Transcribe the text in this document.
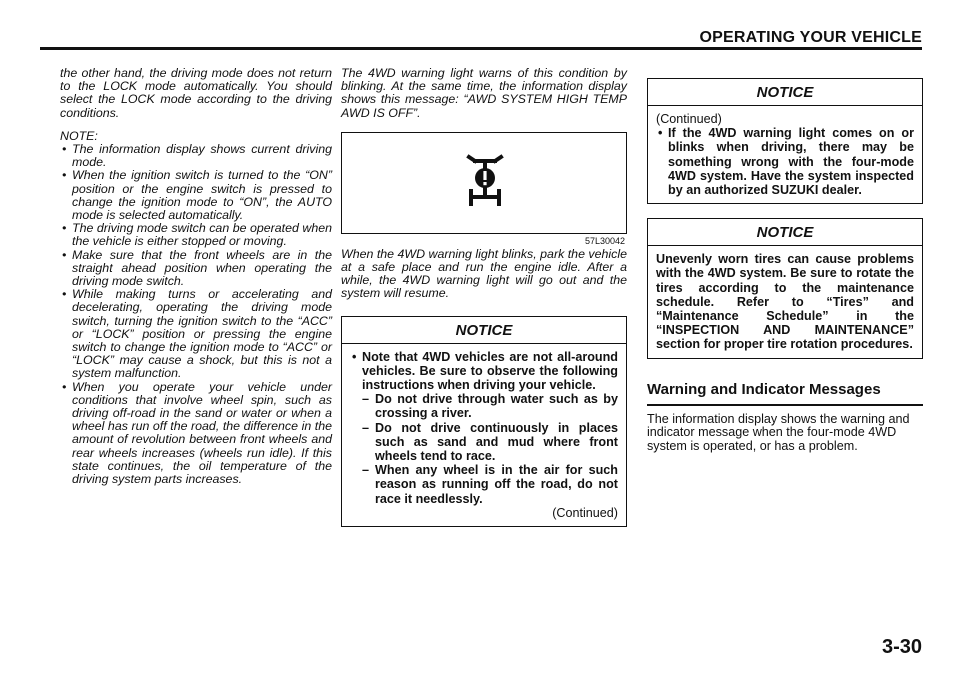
OPERATING YOUR VEHICLE

the other hand, the driving mode does not return to the LOCK mode automatically. You should select the LOCK mode according to the driving conditions.

NOTE:

• The information display shows current driving mode.
• When the ignition switch is turned to the “ON” position or the engine switch is pressed to change the ignition mode to “ON”, the AUTO mode is selected automatically.
• The driving mode switch can be operated when the vehicle is either stopped or moving.
• Make sure that the front wheels are in the straight ahead position when operating the driving mode switch.
• While making turns or accelerating and decelerating, operating the driving mode switch, turning the ignition switch to the “ACC” or “LOCK” position or pressing the engine switch to change the ignition mode to “ACC” or “LOCK” may cause a shock, but this is not a system malfunction.
• When you operate your vehicle under conditions that involve wheel spin, such as driving off-road in the sand or water or when a wheel has run off the road, the difference in the amount of revolution between front wheels and rear wheels increases (wheels run idle). If this state continues, the oil temperature of the driving system parts increases.

The 4WD warning light warns of this condition by blinking. At the same time, the information display shows this message: “AWD SYSTEM HIGH TEMP AWD IS OFF”.

57L30042

When the 4WD warning light blinks, park the vehicle at a safe place and run the engine idle. After a while, the 4WD warning light will go out and the system will resume.

NOTICE
• Note that 4WD vehicles are not all-around vehicles. Be sure to observe the following instructions when driving your vehicle.
– Do not drive through water such as by crossing a river.
– Do not drive continuously in places such as sand and mud where front wheels tend to race.
– When any wheel is in the air for such reason as running off the road, do not race it needlessly.
(Continued)
NOTICE
(Continued)
• If the 4WD warning light comes on or blinks when driving, there may be something wrong with the four-mode 4WD system. Have the system inspected by an authorized SUZUKI dealer.
NOTICE
Unevenly worn tires can cause problems with the 4WD system. Be sure to rotate the tires according to the maintenance schedule. Refer to “Tires” and “Maintenance Schedule” in the “INSPECTION AND MAINTENANCE” section for proper tire rotation procedures.
Warning and Indicator Messages

The information display shows the warning and indicator message when the four-mode 4WD system is operated, or has a problem.

3-30
